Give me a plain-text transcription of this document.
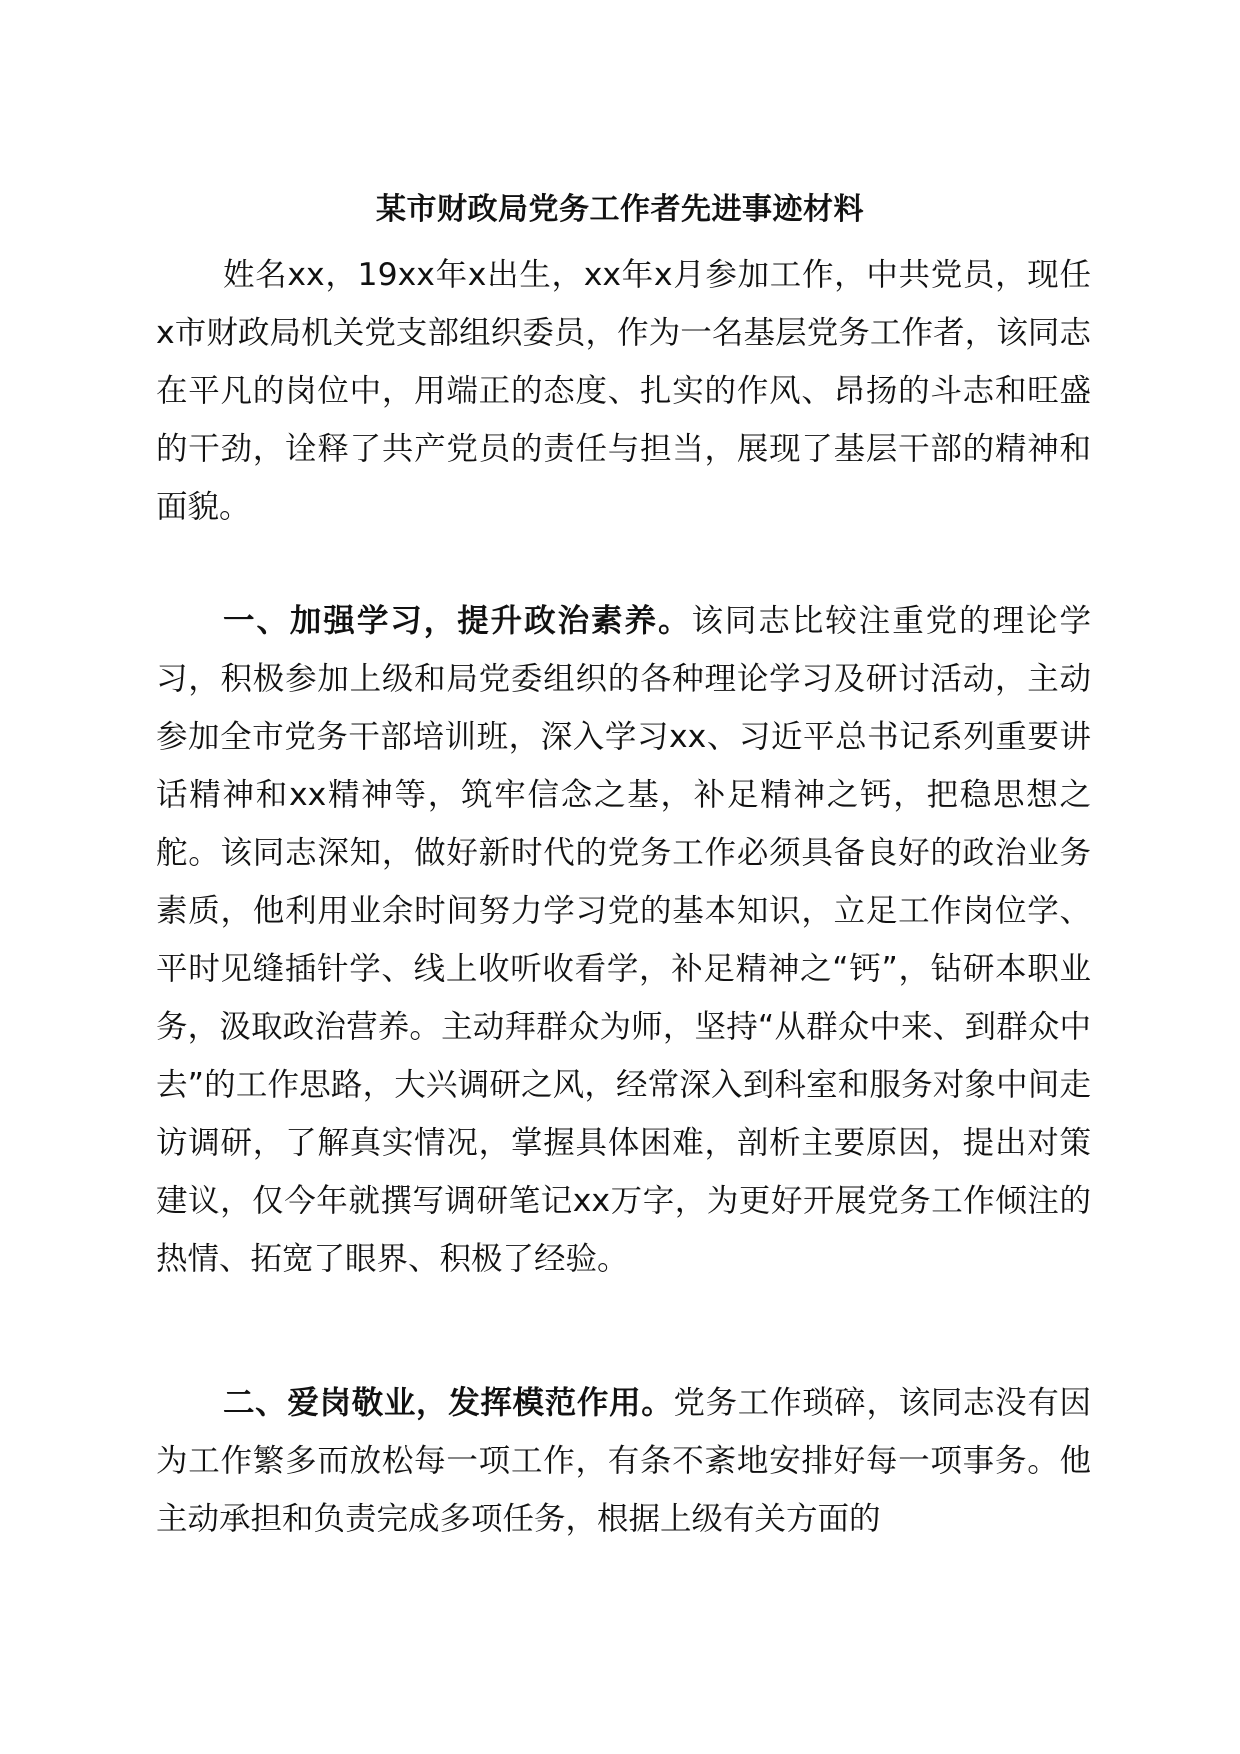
某市财政局党务工作者先进事迹材料

姓名xx，19xx年x出生，xx年x月参加工作，中共党员，现任x市财政局机关党支部组织委员，作为一名基层党务工作者，该同志在平凡的岗位中，用端正的态度、扎实的作风、昂扬的斗志和旺盛的干劲，诠释了共产党员的责任与担当，展现了基层干部的精神和面貌。

一、加强学习，提升政治素养。该同志比较注重党的理论学习，积极参加上级和局党委组织的各种理论学习及研讨活动，主动参加全市党务干部培训班，深入学习xx、习近平总书记系列重要讲话精神和xx精神等，筑牢信念之基，补足精神之钙，把稳思想之舵。该同志深知，做好新时代的党务工作必须具备良好的政治业务素质，他利用业余时间努力学习党的基本知识，立足工作岗位学、平时见缝插针学、线上收听收看学，补足精神之“钙”，钻研本职业务，汲取政治营养。主动拜群众为师，坚持“从群众中来、到群众中去”的工作思路，大兴调研之风，经常深入到科室和服务对象中间走访调研，了解真实情况，掌握具体困难，剖析主要原因，提出对策建议，仅今年就撰写调研笔记xx万字，为更好开展党务工作倾注的热情、拓宽了眼界、积极了经验。

二、爱岗敬业，发挥模范作用。党务工作琐碎，该同志没有因为工作繁多而放松每一项工作，有条不紊地安排好每一项事务。他主动承担和负责完成多项任务，根据上级有关方面的
